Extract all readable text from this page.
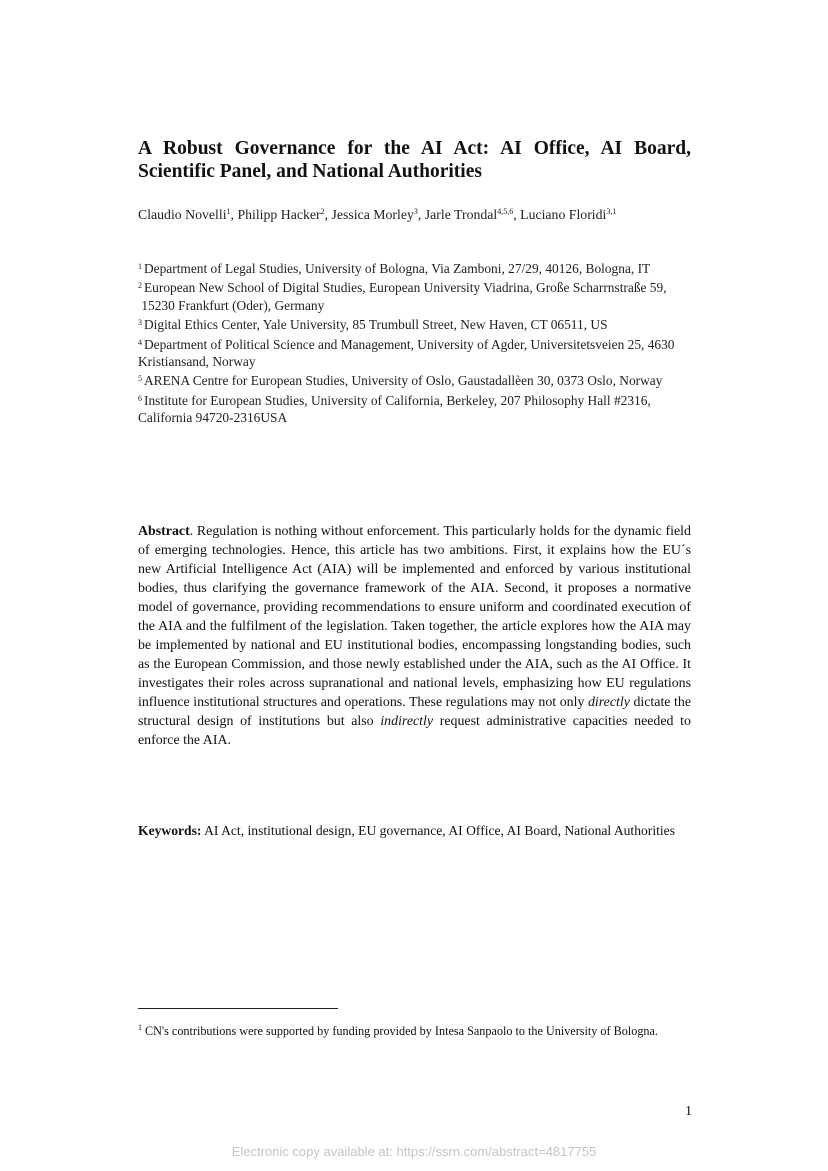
A Robust Governance for the AI Act: AI Office, AI Board, Scientific Panel, and National Authorities
Claudio Novelli$^1$, Philipp Hacker$^2$, Jessica Morley$^3$, Jarle Trondal$^{4,5,6}$, Luciano Floridi$^{3,1}$

$^1$ Department of Legal Studies, University of Bologna, Via Zamboni, 27/29, 40126, Bologna, IT

$^2$ European New School of Digital Studies, European University Viadrina, Große Scharrnstraße 59,

15230 Frankfurt (Oder), Germany

$^3$ Digital Ethics Center, Yale University, 85 Trumbull Street, New Haven, CT 06511, US

$^4$ Department of Political Science and Management, University of Agder, Universitetsveien 25, 4630 Kristiansand, Norway

$^5$ ARENA Centre for European Studies, University of Oslo, Gaustadallèen 30, 0373 Oslo, Norway

$^6$ Institute for European Studies, University of California, Berkeley, 207 Philosophy Hall #2316, California 94720-2316USA

Abstract. Regulation is nothing without enforcement. This particularly holds for the dynamic field of emerging technologies. Hence, this article has two ambitions. First, it explains how the EU´s new Artificial Intelligence Act (AIA) will be implemented and enforced by various institutional bodies, thus clarifying the governance framework of the AIA. Second, it proposes a normative model of governance, providing recommendations to ensure uniform and coordinated execution of the AIA and the fulfilment of the legislation. Taken together, the article explores how the AIA may be implemented by national and EU institutional bodies, encompassing longstanding bodies, such as the European Commission, and those newly established under the AIA, such as the AI Office. It investigates their roles across supranational and national levels, emphasizing how EU regulations influence institutional structures and operations. These regulations may not only directly dictate the structural design of institutions but also indirectly request administrative capacities needed to enforce the AIA.

Keywords: AI Act, institutional design, EU governance, AI Office, AI Board, National Authorities

$^1$ CN's contributions were supported by funding provided by Intesa Sanpaolo to the University of Bologna.

1
Electronic copy available at: https://ssrn.com/abstract=4817755
